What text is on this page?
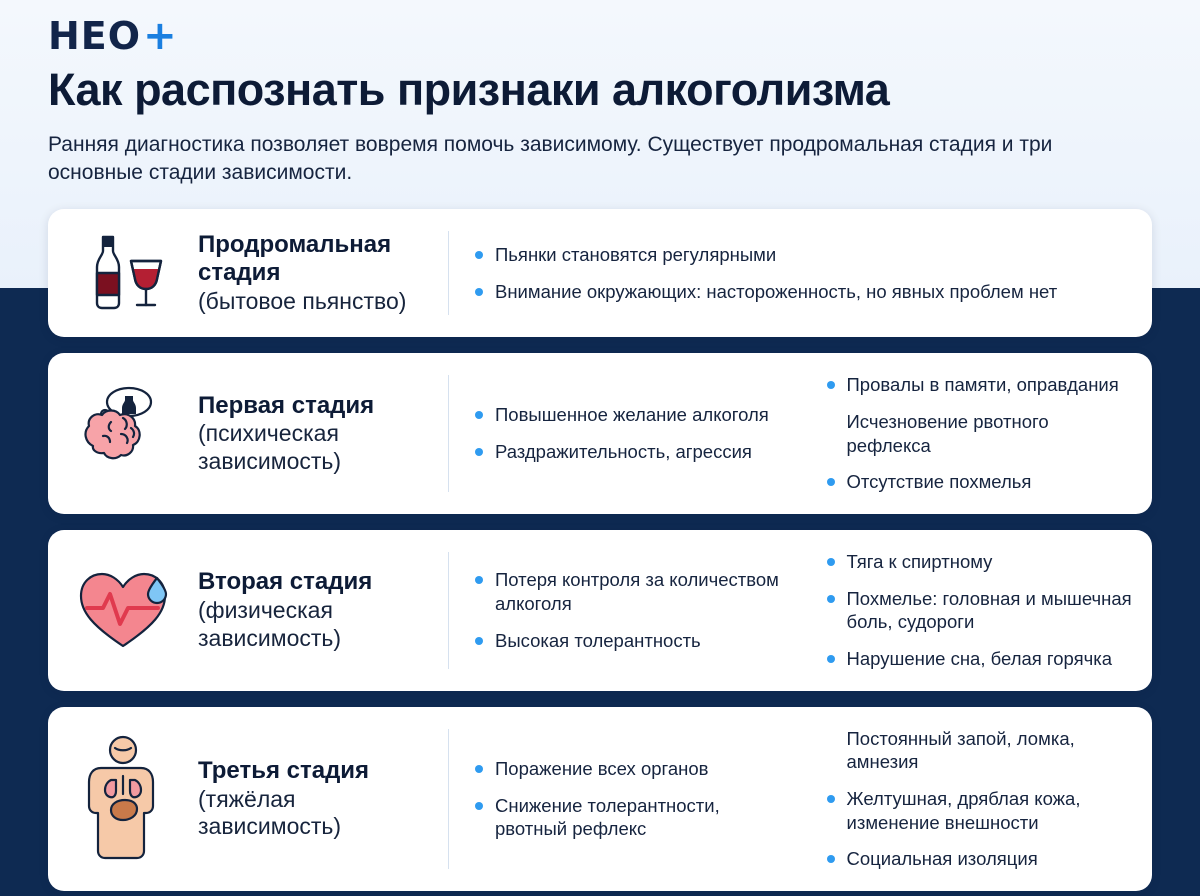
HEO +
Как распознать признаки алкоголизма

Ранняя диагностика позволяет вовремя помочь зависимому. Существует продромальная стадия и три основные стадии зависимости.

Продромальная стадия
(бытовое пьянство)
Пьянки становятся регулярными
Внимание окружающих: настороженность, но явных проблем нет
Первая стадия
(психическая зависимость)
Повышенное желание алкоголя
Раздражительность, агрессия
Провалы в памяти, оправдания
Исчезновение рвотного рефлекса
Отсутствие похмелья
Вторая стадия
(физическая зависимость)
Потеря контроля за количеством алкоголя
Высокая толерантность
Тяга к спиртному
Похмелье: головная и мышечная боль, судороги
Нарушение сна, белая горячка
Третья стадия
(тяжёлая зависимость)
Поражение всех органов
Снижение толерантности, рвотный рефлекс
Постоянный запой, ломка, амнезия
Желтушная, дряблая кожа, изменение внешности
Социальная изоляция
